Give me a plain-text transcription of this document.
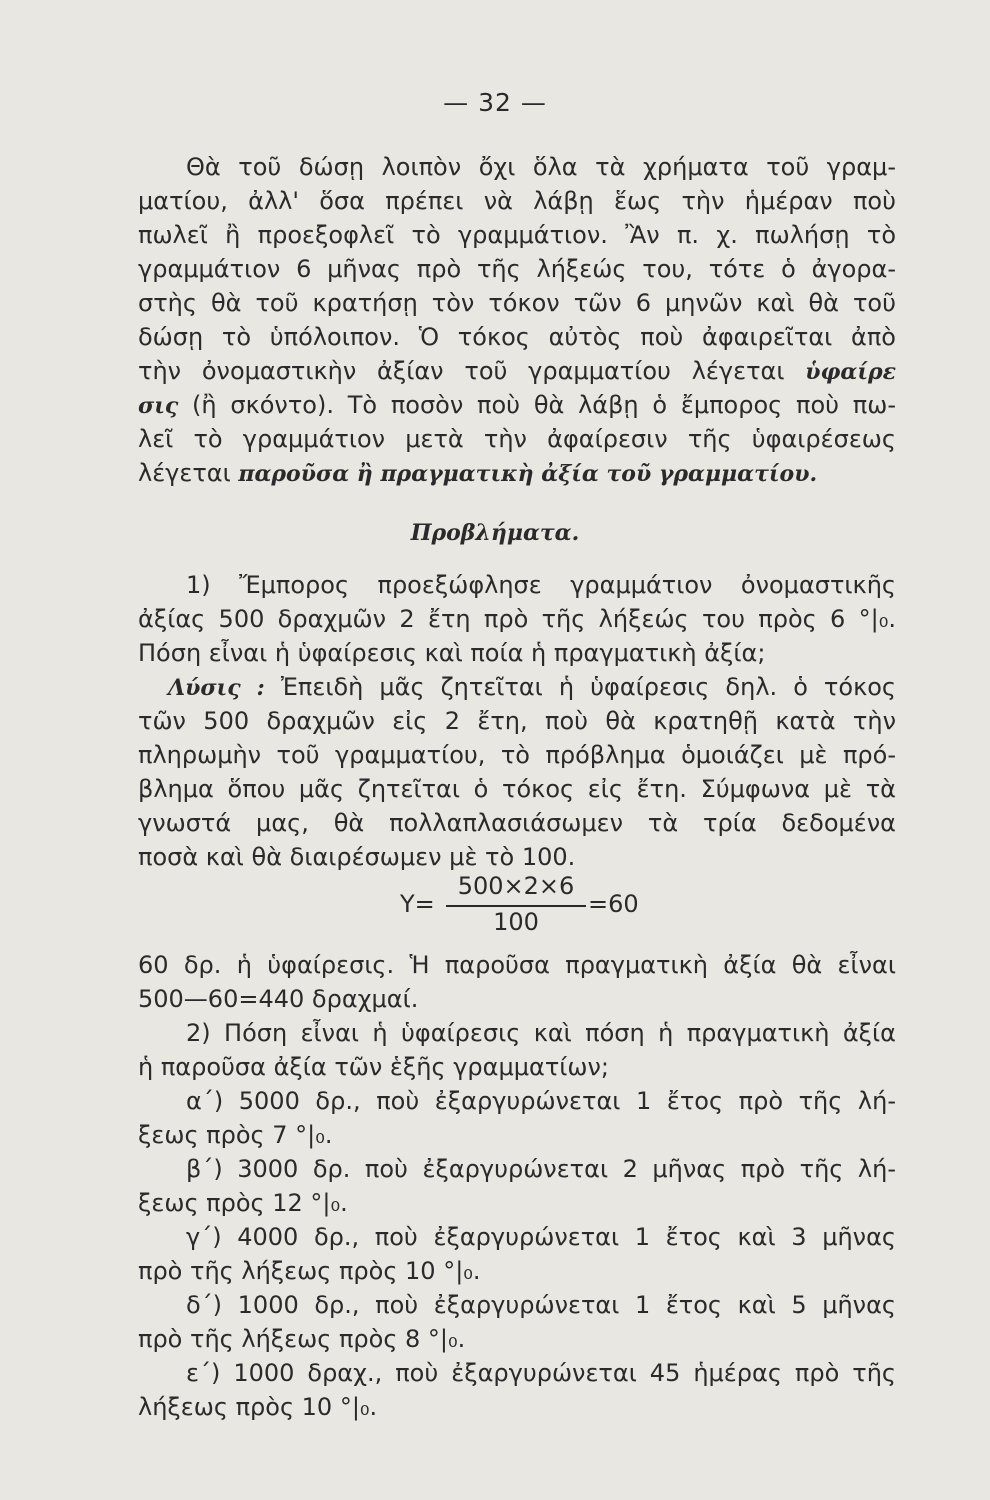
— 32 —
Θὰ τοῦ δώσῃ λοιπὸν ὄχι ὅλα τὰ χρήματα τοῦ γραμ-
ματίου, ἀλλ' ὅσα πρέπει νὰ λάβῃ ἕως τὴν ἡμέραν ποὺ
πωλεῖ ἢ προεξοφλεῖ τὸ γραμμάτιον. Ἂν π. χ. πωλήσῃ τὸ
γραμμάτιον 6 μῆνας πρὸ τῆς λήξεώς του, τότε ὁ ἀγορα-
στὴς θὰ τοῦ κρατήσῃ τὸν τόκον τῶν 6 μηνῶν καὶ θὰ τοῦ
δώσῃ τὸ ὑπόλοιπον. Ὁ τόκος αὐτὸς ποὺ ἀφαιρεῖται ἀπὸ
τὴν ὀνομαστικὴν ἀξίαν τοῦ γραμματίου λέγεται ὑφαίρε
σις (ἢ σκόντο). Τὸ ποσὸν ποὺ θὰ λάβῃ ὁ ἔμπορος ποὺ πω-
λεῖ τὸ γραμμάτιον μετὰ τὴν ἀφαίρεσιν τῆς ὑφαιρέσεως
λέγεται παροῦσα ἢ πραγματικὴ ἀξία τοῦ γραμματίου.
Προβλήματα.
1) Ἔμπορος προεξώφλησε γραμμάτιον ὀνομαστικῆς
ἀξίας 500 δραχμῶν 2 ἔτη πρὸ τῆς λήξεώς του πρὸς 6 °|₀.
Πόση εἶναι ἡ ὑφαίρεσις καὶ ποία ἡ πραγματικὴ ἀξία;
Λύσις : Ἐπειδὴ μᾶς ζητεῖται ἡ ὑφαίρεσις δηλ. ὁ τόκος
τῶν 500 δραχμῶν εἰς 2 ἔτη, ποὺ θὰ κρατηθῇ κατὰ τὴν
πληρωμὴν τοῦ γραμματίου, τὸ πρόβλημα ὁμοιάζει μὲ πρό-
βλημα ὅπου μᾶς ζητεῖται ὁ τόκος εἰς ἔτη. Σύμφωνα μὲ τὰ
γνωστά μας, θὰ πολλαπλασιάσωμεν τὰ τρία δεδομένα
ποσὰ καὶ θὰ διαιρέσωμεν μὲ τὸ 100.
Y=
500×2×6
100
=60
60 δρ. ἡ ὑφαίρεσις. Ἡ παροῦσα πραγματικὴ ἀξία θὰ εἶναι
500—60=440 δραχμαί.
2) Πόση εἶναι ἡ ὑφαίρεσις καὶ πόση ἡ πραγματικὴ ἀξία
ἡ παροῦσα ἀξία τῶν ἑξῆς γραμματίων;
α΄) 5000 δρ., ποὺ ἐξαργυρώνεται 1 ἔτος πρὸ τῆς λή-
ξεως πρὸς 7 °|₀.
β΄) 3000 δρ. ποὺ ἐξαργυρώνεται 2 μῆνας πρὸ τῆς λή-
ξεως πρὸς 12 °|₀.
γ΄) 4000 δρ., ποὺ ἐξαργυρώνεται 1 ἔτος καὶ 3 μῆνας
πρὸ τῆς λήξεως πρὸς 10 °|₀.
δ΄) 1000 δρ., ποὺ ἐξαργυρώνεται 1 ἔτος καὶ 5 μῆνας
πρὸ τῆς λήξεως πρὸς 8 °|₀.
ε΄) 1000 δραχ., ποὺ ἐξαργυρώνεται 45 ἡμέρας πρὸ τῆς
λήξεως πρὸς 10 °|₀.
